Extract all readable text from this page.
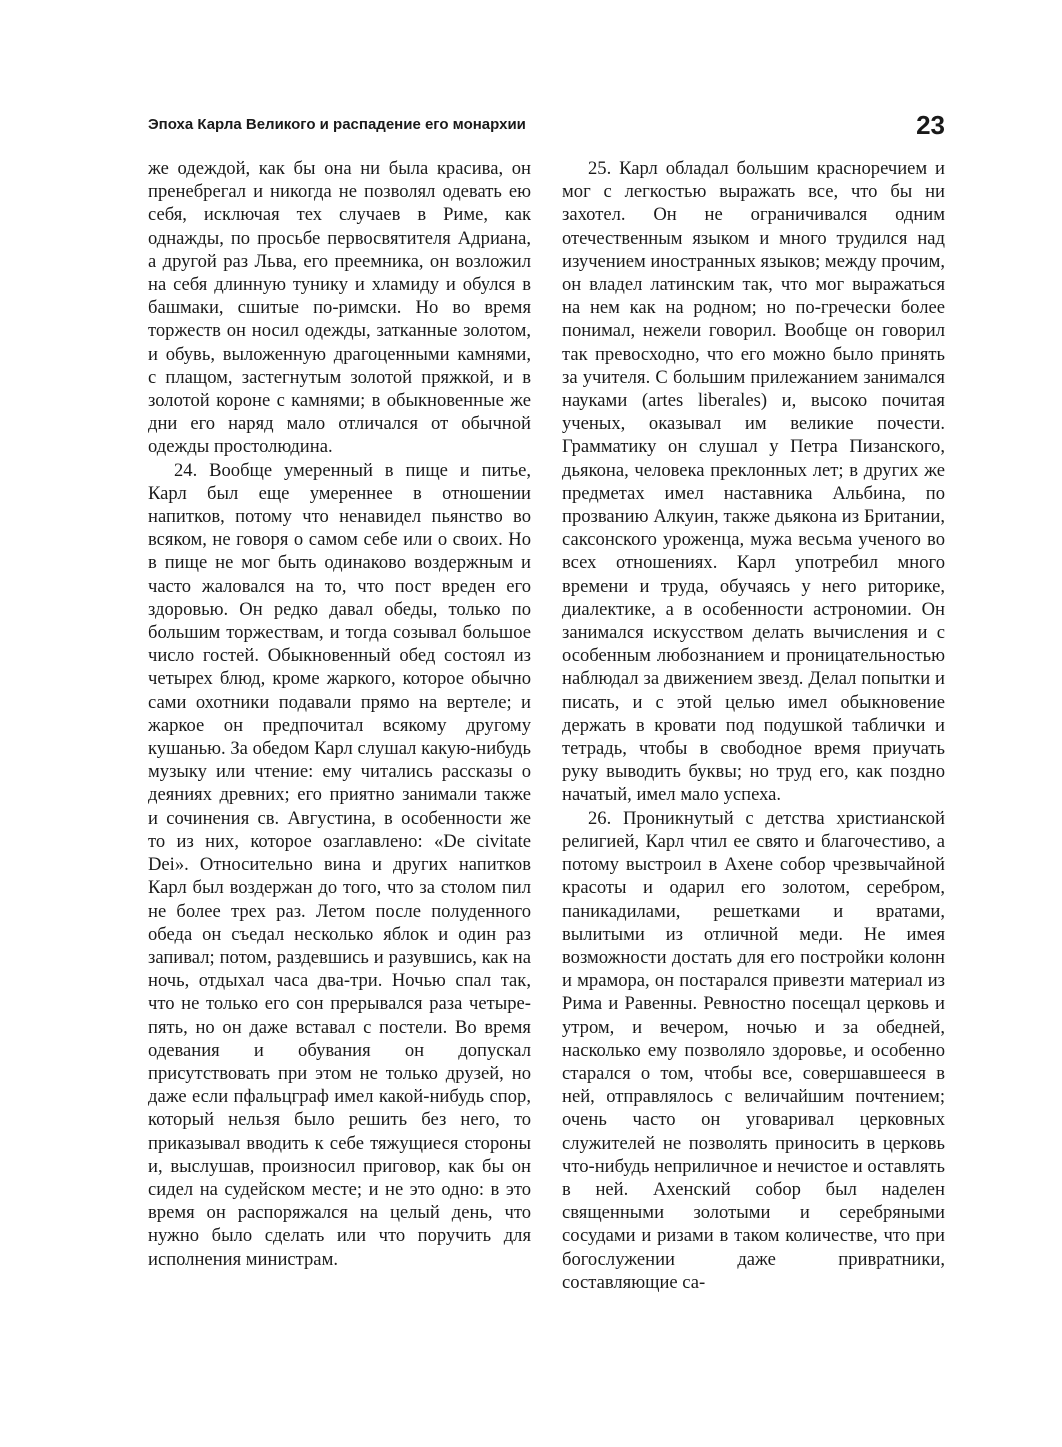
Эпоха Карла Великого и распадение его монархии	23

же одеждой, как бы она ни была красива, он пренебрегал и никогда не позволял одевать ею себя, исключая тех случаев в Риме, как однажды, по просьбе первосвятителя Адриана, а другой раз Льва, его преемника, он возложил на себя длинную тунику и хламиду и обулся в башмаки, сшитые по-римски. Но во время торжеств он носил одежды, затканные золотом, и обувь, выложенную драгоценными камнями, с плащом, застегнутым золотой пряжкой, и в золотой короне с камнями; в обыкновенные же дни его наряд мало отличался от обычной одежды простолюдина.

24. Вообще умеренный в пище и питье, Карл был еще умереннее в отношении напитков, потому что ненавидел пьянство во всяком, не говоря о самом себе или о своих. Но в пище не мог быть одинаково воздержным и часто жаловался на то, что пост вреден его здоровью. Он редко давал обеды, только по большим торжествам, и тогда созывал большое число гостей. Обыкновенный обед состоял из четырех блюд, кроме жаркого, которое обычно сами охотники подавали прямо на вертеле; и жаркое он предпочитал всякому другому кушанью. За обедом Карл слушал какую-нибудь музыку или чтение: ему читались рассказы о деяниях древних; его приятно занимали также и сочинения св. Августина, в особенности же то из них, которое озаглавлено: «De civitate Dei». Относительно вина и других напитков Карл был воздержан до того, что за столом пил не более трех раз. Летом после полуденного обеда он съедал несколько яблок и один раз запивал; потом, раздевшись и разувшись, как на ночь, отдыхал часа два-три. Ночью спал так, что не только его сон прерывался раза четыре-пять, но он даже вставал с постели. Во время одевания и обувания он допускал присутствовать при этом не только друзей, но даже если пфальцграф имел какой-нибудь спор, который нельзя было решить без него, то приказывал вводить к себе тяжущиеся стороны и, выслушав, произносил приговор, как бы он сидел на судейском месте; и не это одно: в это время он распоряжался на целый день, что нужно было сделать или что поручить для исполнения министрам.

25. Карл обладал большим красноречием и мог с легкостью выражать все, что бы ни захотел. Он не ограничивался одним отечественным языком и много трудился над изучением иностранных языков; между прочим, он владел латинским так, что мог выражаться на нем как на родном; но по-гречески более понимал, нежели говорил. Вообще он говорил так превосходно, что его можно было принять за учителя. С большим прилежанием занимался науками (artes liberales) и, высоко почитая ученых, оказывал им великие почести. Грамматику он слушал у Петра Пизанского, дьякона, человека преклонных лет; в других же предметах имел наставника Альбина, по прозванию Алкуин, также дьякона из Британии, саксонского уроженца, мужа весьма ученого во всех отношениях. Карл употребил много времени и труда, обучаясь у него риторике, диалектике, а в особенности астрономии. Он занимался искусством делать вычисления и с особенным любознанием и проницательностью наблюдал за движением звезд. Делал попытки и писать, и с этой целью имел обыкновение держать в кровати под подушкой таблички и тетрадь, чтобы в свободное время приучать руку выводить буквы; но труд его, как поздно начатый, имел мало успеха.

26. Проникнутый с детства христианской религией, Карл чтил ее свято и благочестиво, а потому выстроил в Ахене собор чрезвычайной красоты и одарил его золотом, серебром, паникадилами, решетками и вратами, вылитыми из отличной меди. Не имея возможности достать для его постройки колонн и мрамора, он постарался привезти материал из Рима и Равенны. Ревностно посещал церковь и утром, и вечером, ночью и за обедней, насколько ему позволяло здоровье, и особенно старался о том, чтобы все, совершавшееся в ней, отправлялось с величайшим почтением; очень часто он уговаривал церковных служителей не позволять приносить в церковь что-нибудь неприличное и нечистое и оставлять в ней. Ахенский собор был наделен священными золотыми и серебряными сосудами и ризами в таком количестве, что при богослужении даже привратники, составляющие са-
